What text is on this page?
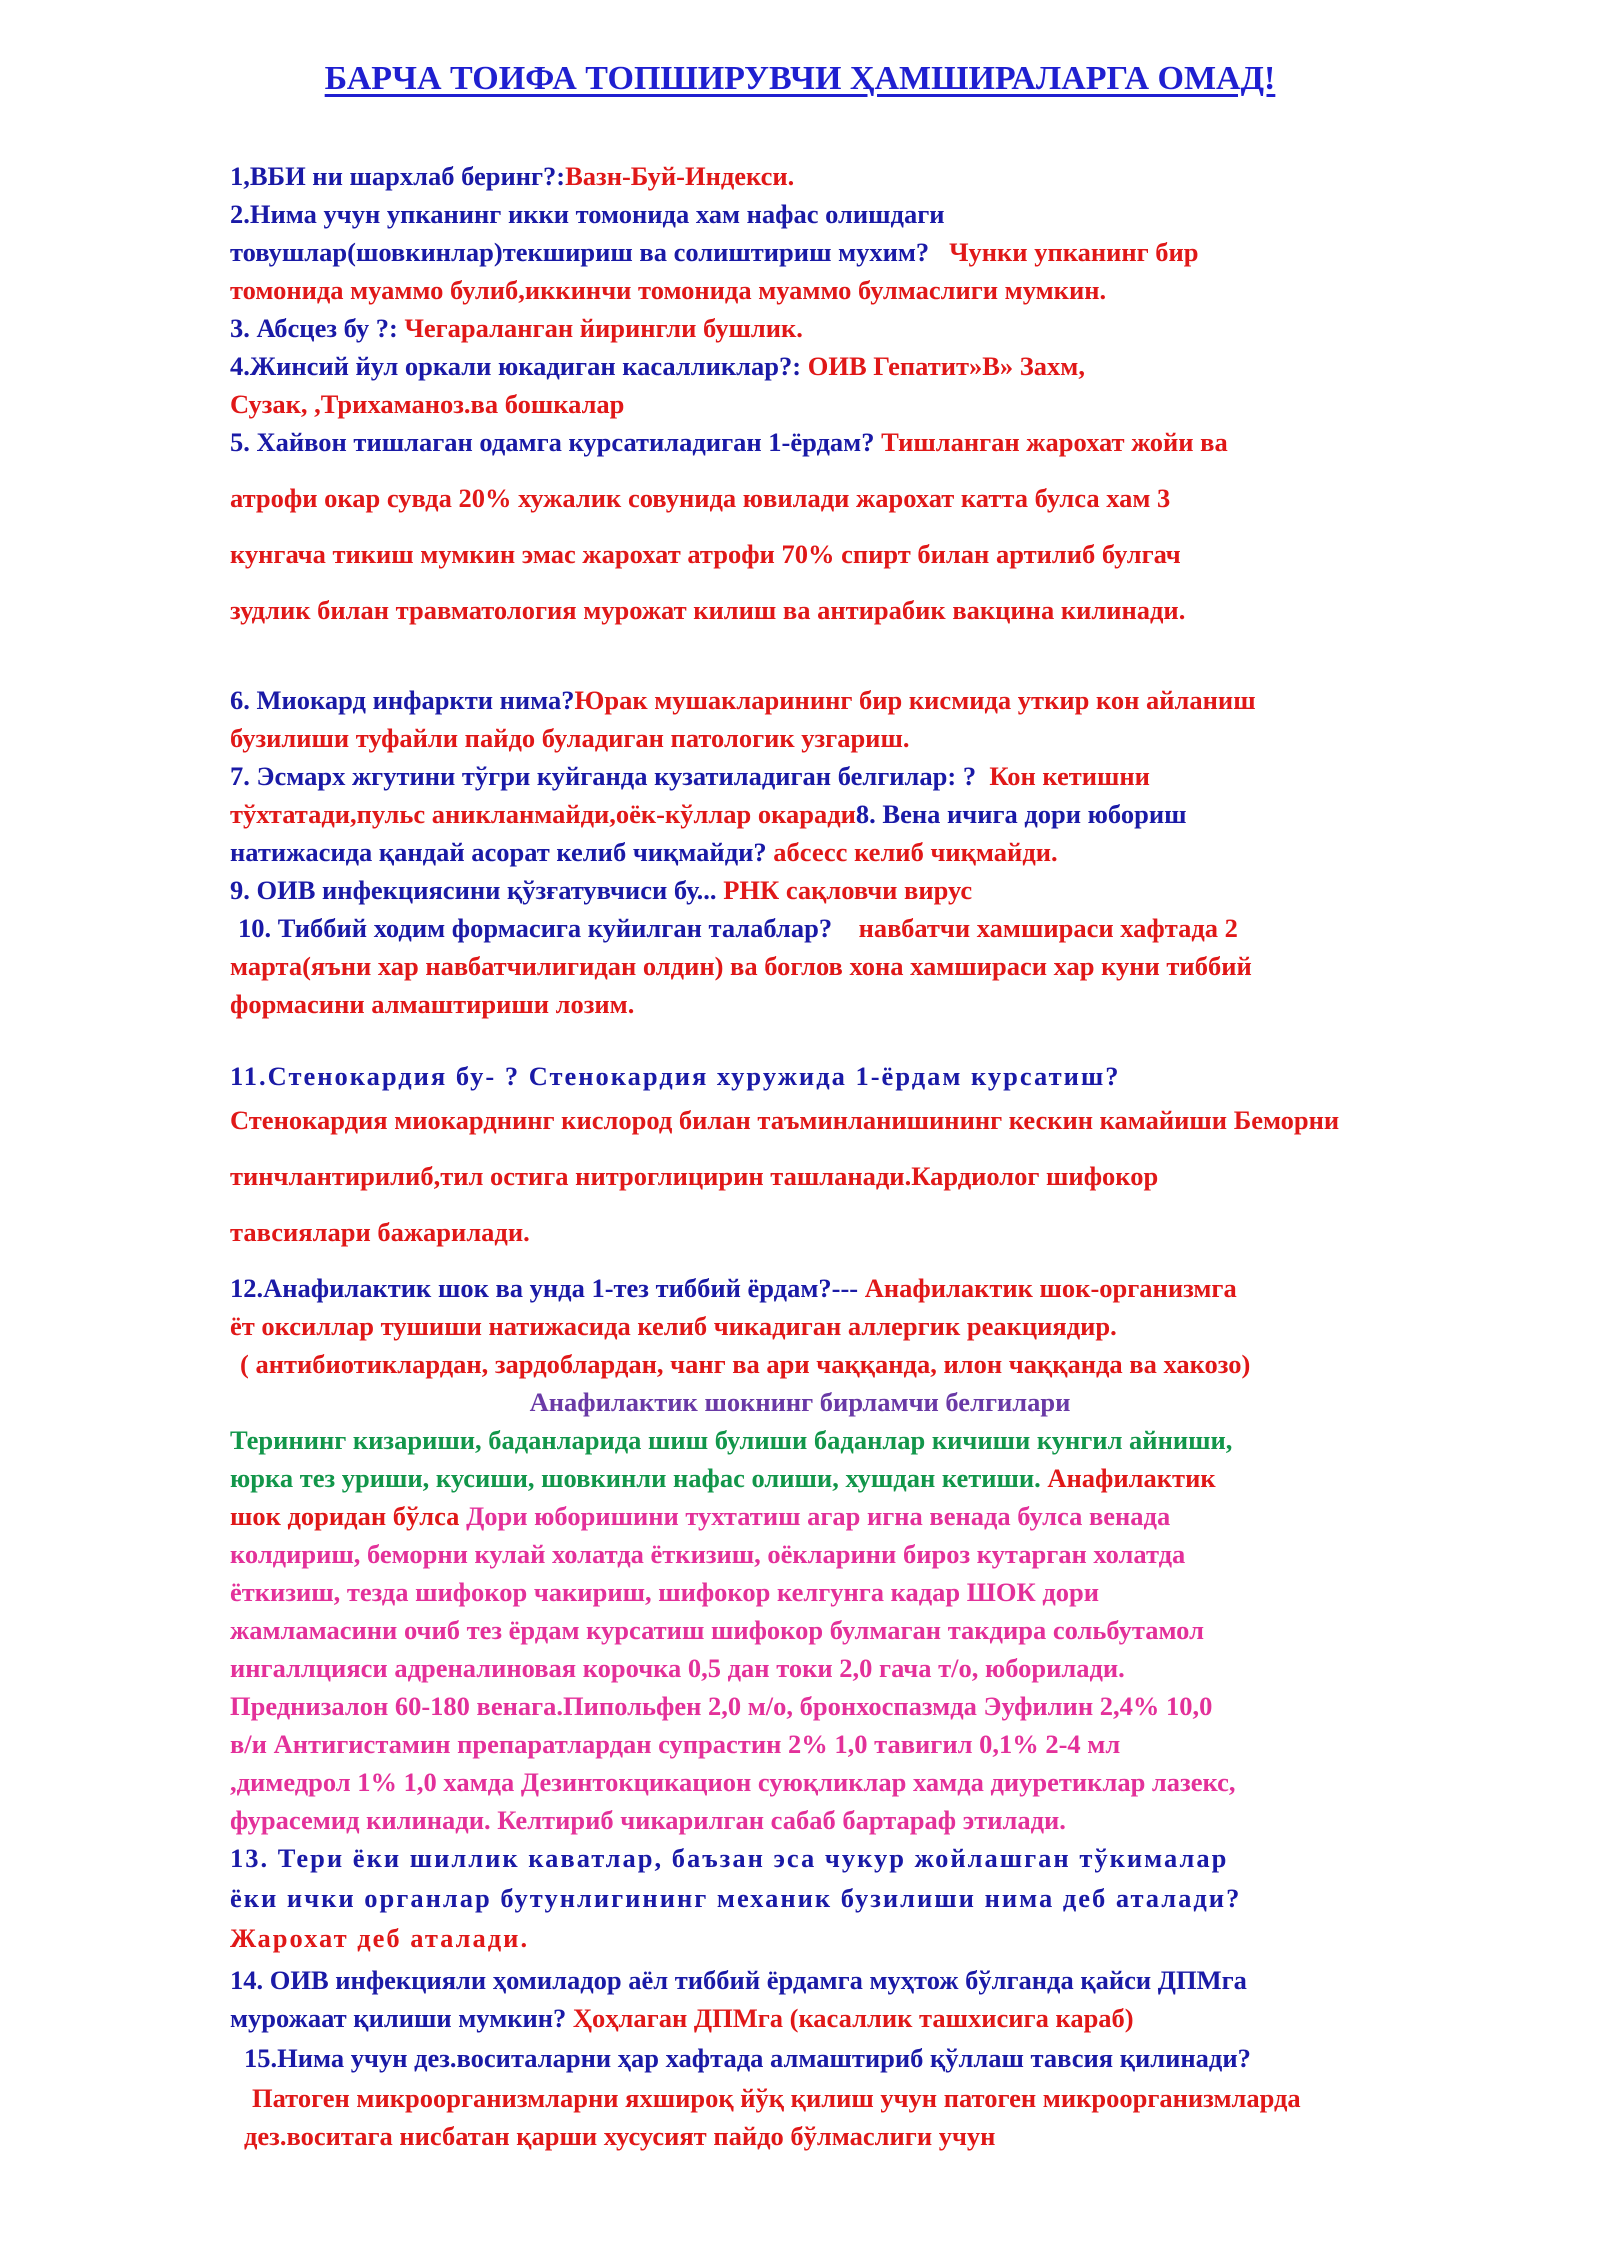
БАРЧА ТОИФА ТОПШИРУВЧИ ҲАМШИРАЛАРГА ОМАД!
1,ВБИ ни шархлаб беринг?:Вазн-Буй-Индекси.
2.Нима учун упканинг икки томонида хам нафас олишдаги
товушлар(шовкинлар)текшириш ва солиштириш мухим? Чунки упканинг бир
томонида муаммо булиб,иккинчи томонида муаммо булмаслиги мумкин.
3. Абсцез бу ?: Чегараланган йирингли бушлик.
4.Жинсий йул оркали юкадиган касалликлар?: ОИВ Гепатит»В» Захм,
Сузак, ,Трихаманоз.ва бошкалар
5. Хайвон тишлаган одамга курсатиладиган 1-ёрдам? Тишланган жарохат жойи ва
атрофи окар сувда 20% хужалик совунида ювилади жарохат катта булса хам 3
кунгача тикиш мумкин эмас жарохат атрофи 70% спирт билан артилиб булгач
зудлик билан травматология мурожат килиш ва антирабик вакцина килинади.
6. Миокард инфаркти нима?Юрак мушакларининг бир кисмида уткир кон айланиш
бузилиши туфайли пайдо буладиган патологик узгариш.
7. Эсмарх жгутини тўгри куйганда кузатиладиган белгилар: ? Кон кетишни
тўхтатади,пульс аникланмайди,оёк-кўллар окаради8. Вена ичига дори юбориш
натижасида қандай асорат келиб чиқмайди? абсесс келиб чиқмайди.
9. ОИВ инфекциясини қўзғатувчиси бу... РНК сақловчи вирус
10. Тиббий ходим формасига куйилган талаблар? навбатчи хамшираси хафтада 2
марта(яъни хар навбатчилигидан олдин) ва боглов хона хамшираси хар куни тиббий
формасини алмаштириши лозим.
11.Стенокардия бу- ? Стенокардия хуружида 1-ёрдам курсатиш?
Стенокардия миокарднинг кислород билан таъминланишининг кескин камайиши Беморни
тинчлантирилиб,тил остига нитроглицирин ташланади.Кардиолог шифокор
тавсиялари бажарилади.
12.Анафилактик шок ва унда 1-тез тиббий ёрдам?--- Анафилактик шок-организмга
ёт оксиллар тушиши натижасида келиб чикадиган аллергик реакциядир.
( антибиотиклардан, зардоблардан, чанг ва ари чаққанда, илон чаққанда ва хакозо)
Анафилактик шокнинг бирламчи белгилари
Терининг кизариши, баданларида шиш булиши баданлар кичиши кунгил айниши,
юрка тез уриши, кусиши, шовкинли нафас олиши, хушдан кетиши. Анафилактик
шок дoридан бўлса Дори юборишини тухтатиш агар игна венада булса венада
колдириш, беморни кулай холатда ёткизиш, оёкларини бироз кутарган холатда
ёткизиш, тезда шифокор чакириш, шифокор келгунга кадар ШОК дори
жамламасини очиб тез ёрдам курсатиш шифокор булмаган такдира сольбутамол
ингаллцияси адреналиновая корочка 0,5 дан токи 2,0 гача т/о, юборилади.
Преднизалон 60-180 венага.Пипольфен 2,0 м/о, бронхоспазмда Эуфилин 2,4% 10,0
в/и Антигистамин препаратлардан супрастин 2% 1,0 тавигил 0,1% 2-4 мл
,димедрол 1% 1,0 хамда Дезинтокцикацион суюқликлар хамда диуретиклар лазекс,
фурасемид килинади. Келтириб чикарилган сабаб бартараф этилади.
13. Тери ёки шиллик каватлар, баъзан эса чукур жойлашган тўкималар
ёки ички органлар бутунлигининг механик бузилиши нима деб аталади?
Жарохат деб аталади.
14. ОИВ инфекцияли ҳомиладор аёл тиббий ёрдамга муҳтож бўлганда қайси ДПМга
мурожаат қилиши мумкин? Ҳоҳлаган ДПМга (касаллик ташхисига караб)
15.Нима учун дез.воситаларни ҳар хафтада алмаштириб қўллаш тавсия қилинади?
Патоген микроорганизмларни яхшироқ йўқ қилиш учун патоген микроорганизмларда
дез.воситага нисбатан қарши хусусият пайдо бўлмаслиги учун
